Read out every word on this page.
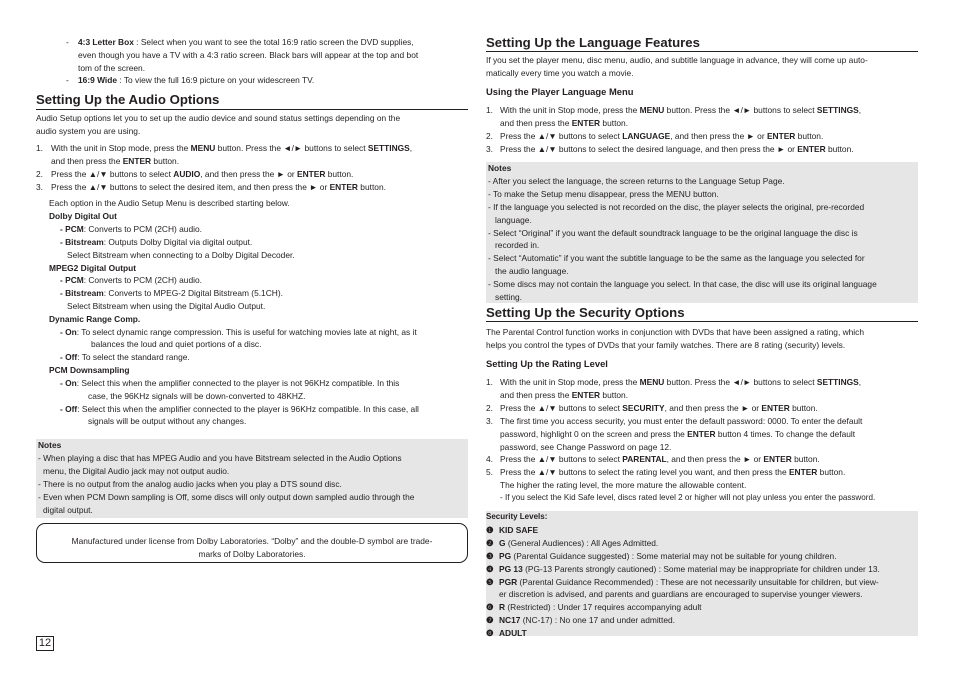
- 4:3 Letter Box : Select when you want to see the total 16:9 ratio screen the DVD supplies,
even though you have a TV with a 4:3 ratio screen. Black bars will appear at the top and bot
tom of the screen.
-	16:9 Wide : To view the full 16:9 picture on your widescreen TV.
Setting Up the Audio Options
Audio Setup options let you to set up the audio device and sound status settings depending on the
audio system you are using.
1. With the unit in Stop mode, press the MENU button. Press the ◄/► buttons to select SETTINGS,
and then press the ENTER button.
2. Press the ▲/▼ buttons to select AUDIO, and then press the ► or ENTER button.
3. Press the ▲/▼ buttons to select the desired item, and then press the ► or ENTER button.
Each option in the Audio Setup Menu is described starting below.
Dolby Digital Out
- PCM: Converts to PCM (2CH) audio.
- Bitstream: Outputs Dolby Digital via digital output.
Select Bitstream when connecting to a Dolby Digital Decoder.
MPEG2 Digital Output
- PCM: Converts to PCM (2CH) audio.
- Bitstream: Converts to MPEG-2 Digital Bitstream (5.1CH).
Select Bitstream when using the Digital Audio Output.
Dynamic Range Comp.
- On: To select dynamic range compression. This is useful for watching movies late at night, as it
balances the loud and quiet portions of a disc.
- Off: To select the standard range.
PCM Downsampling
- On: Select this when the amplifier connected to the player is not 96KHz compatible. In this
case, the 96KHz signals will be down-converted to 48KHZ.
- Off: Select this when the amplifier connected to the player is 96KHz compatible. In this case, all
signals will be output without any changes.
Notes
- When playing a disc that has MPEG Audio and you have Bitstream selected in the Audio Options
menu, the Digital Audio jack may not output audio.
- There is no output from the analog audio jacks when you play a DTS sound disc.
- Even when PCM Down sampling is Off, some discs will only output down sampled audio through the
digital output.
Manufactured under license from Dolby Laboratories. “Dolby” and the double-D symbol are trade-
marks of Dolby Laboratories.
12
Setting Up the Language Features
If you set the player menu, disc menu, audio, and subtitle language in advance, they will come up auto-
matically every time you watch a movie.
Using the Player Language Menu
1. With the unit in Stop mode, press the MENU button. Press the ◄/► buttons to select SETTINGS,
and then press the ENTER button.
2. Press the ▲/▼ buttons to select LANGUAGE, and then press the ► or ENTER button.
3. Press the ▲/▼ buttons to select the desired language, and then press the ► or ENTER button.
Notes
- After you select the language, the screen returns to the Language Setup Page.
- To make the Setup menu disappear, press the MENU button.
- If the language you selected is not recorded on the disc, the player selects the original, pre-recorded
language.
- Select “Original” if you want the default soundtrack language to be the original language the disc is
recorded in.
- Select “Automatic” if you want the subtitle language to be the same as the language you selected for
the audio language.
- Some discs may not contain the language you select. In that case, the disc will use its original language
setting.
Setting Up the Security Options
The Parental Control function works in conjunction with DVDs that have been assigned a rating, which
helps you control the types of DVDs that your family watches. There are 8 rating (security) levels.
Setting Up the Rating Level
1. With the unit in Stop mode, press the MENU button. Press the ◄/► buttons to select SETTINGS,
and then press the ENTER button.
2. Press the ▲/▼ buttons to select SECURITY, and then press the ► or ENTER button.
3. The first time you access security, you must enter the default password: 0000. To enter the default
password, highlight 0 on the screen and press the ENTER button 4 times. To change the default
password, see Change Password on page 12.
4. Press the ▲/▼ buttons to select PARENTAL, and then press the ► or ENTER button.
5. Press the ▲/▼ buttons to select the rating level you want, and then press the ENTER button.
The higher the rating level, the more mature the allowable content.
- If you select the Kid Safe level, discs rated level 2 or higher will not play unless you enter the password.
Security Levels:
❶ KID SAFE
❷ G (General Audiences) : All Ages Admitted.
❸ PG (Parental Guidance suggested) : Some material may not be suitable for young children.
❹ PG 13 (PG-13 Parents strongly cautioned) : Some material may be inappropriate for children under 13.
❺ PGR (Parental Guidance Recommended) : These are not necessarily unsuitable for children, but view-
er discretion is advised, and parents and guardians are encouraged to supervise younger viewers.
❻ R (Restricted) : Under 17 requires accompanying adult
❼ NC17 (NC-17) : No one 17 and under admitted.
❽ ADULT
